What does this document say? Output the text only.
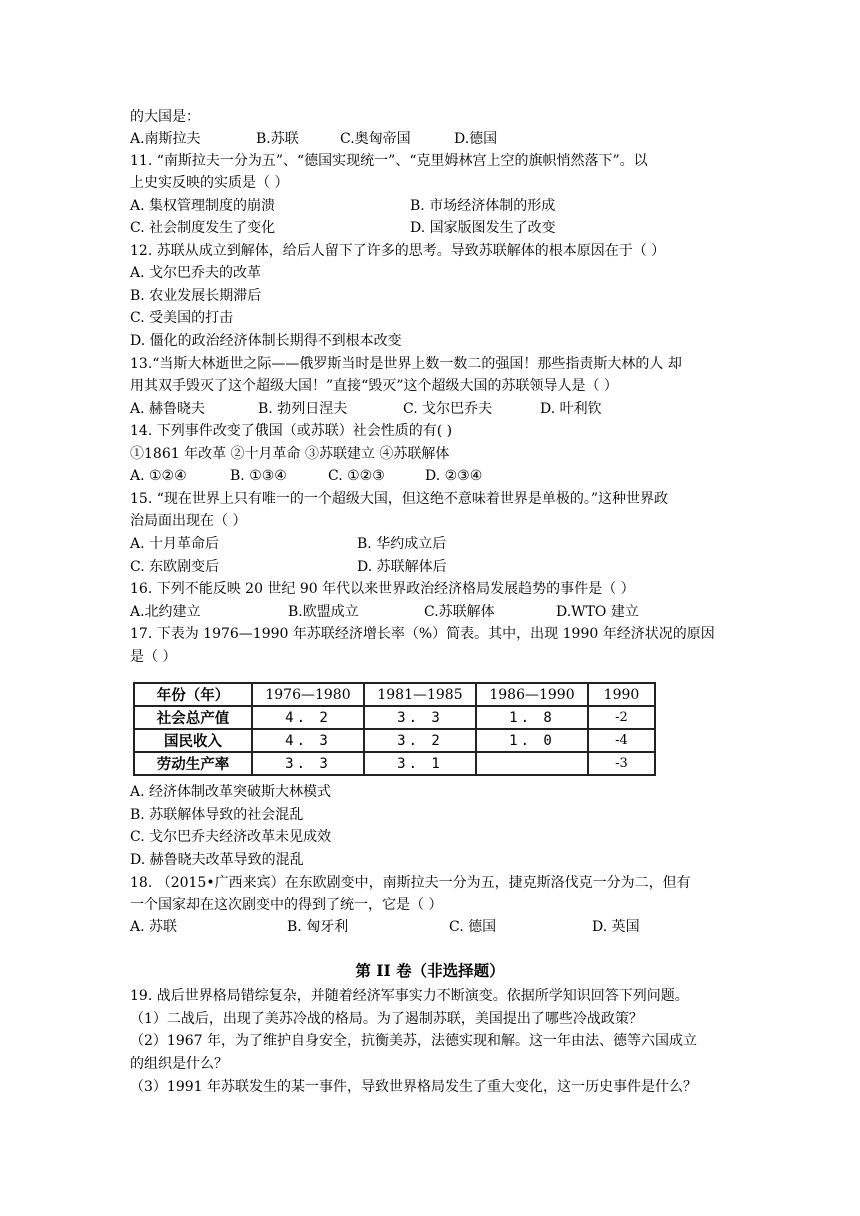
的大国是：
A.南斯拉夫	B.苏联	C.奥匈帝国	D.德国
11. “南斯拉夫一分为五”、“德国实现统一”、“克里姆林宫上空的旗帜悄然落下”。以
上史实反映的实质是（ ）
A. 集权管理制度的崩溃	B. 市场经济体制的形成
C. 社会制度发生了变化	D. 国家版图发生了改变
12. 苏联从成立到解体，给后人留下了许多的思考。导致苏联解体的根本原因在于（ ）
A. 戈尔巴乔夫的改革
B. 农业发展长期滞后
C. 受美国的打击
D. 僵化的政治经济体制长期得不到根本改变
13.“当斯大林逝世之际——俄罗斯当时是世界上数一数二的强国！那些指责斯大林的人 却
用其双手毁灭了这个超级大国！”直接“毁灭”这个超级大国的苏联领导人是（ ）
A. 赫鲁晓夫	B. 勃列日涅夫	C. 戈尔巴乔夫	D. 叶利钦
14. 下列事件改变了俄国（或苏联）社会性质的有( )
①1861 年改革 ②十月革命 ③苏联建立 ④苏联解体
A. ①②④	B. ①③④	C. ①②③	D. ②③④
15. “现在世界上只有唯一的一个超级大国，但这绝不意味着世界是单极的。”这种世界政
治局面出现在（ ）
A. 十月革命后	B. 华约成立后
C. 东欧剧变后	D. 苏联解体后
16. 下列不能反映 20 世纪 90 年代以来世界政治经济格局发展趋势的事件是（ ）
A.北约建立	B.欧盟成立	C.苏联解体	D.WTO 建立
17. 下表为 1976—1990 年苏联经济增长率（%）简表。其中，出现 1990 年经济状况的原因
是（ ）
年份（年）	1976—1980	1981—1985	1986—1990	1990
社会总产值	4. 2	3. 3	1. 8	-2
国民收入	4. 3	3. 2	1. 0	-4
劳动生产率	3. 3	3. 1		-3
A. 经济体制改革突破斯大林模式
B. 苏联解体导致的社会混乱
C. 戈尔巴乔夫经济改革未见成效
D. 赫鲁晓夫改革导致的混乱
18. （2015•广西来宾）在东欧剧变中，南斯拉夫一分为五，捷克斯洛伐克一分为二，但有
一个国家却在这次剧变中的得到了统一，它是（ ）
A. 苏联	B. 匈牙利	C. 德国	D. 英国
第 II 卷（非选择题）
19. 战后世界格局错综复杂，并随着经济军事实力不断演变。依据所学知识回答下列问题。
（1）二战后，出现了美苏冷战的格局。为了遏制苏联，美国提出了哪些冷战政策？
（2）1967 年，为了维护自身安全，抗衡美苏，法德实现和解。这一年由法、德等六国成立
的组织是什么？
（3）1991 年苏联发生的某一事件，导致世界格局发生了重大变化，这一历史事件是什么？
